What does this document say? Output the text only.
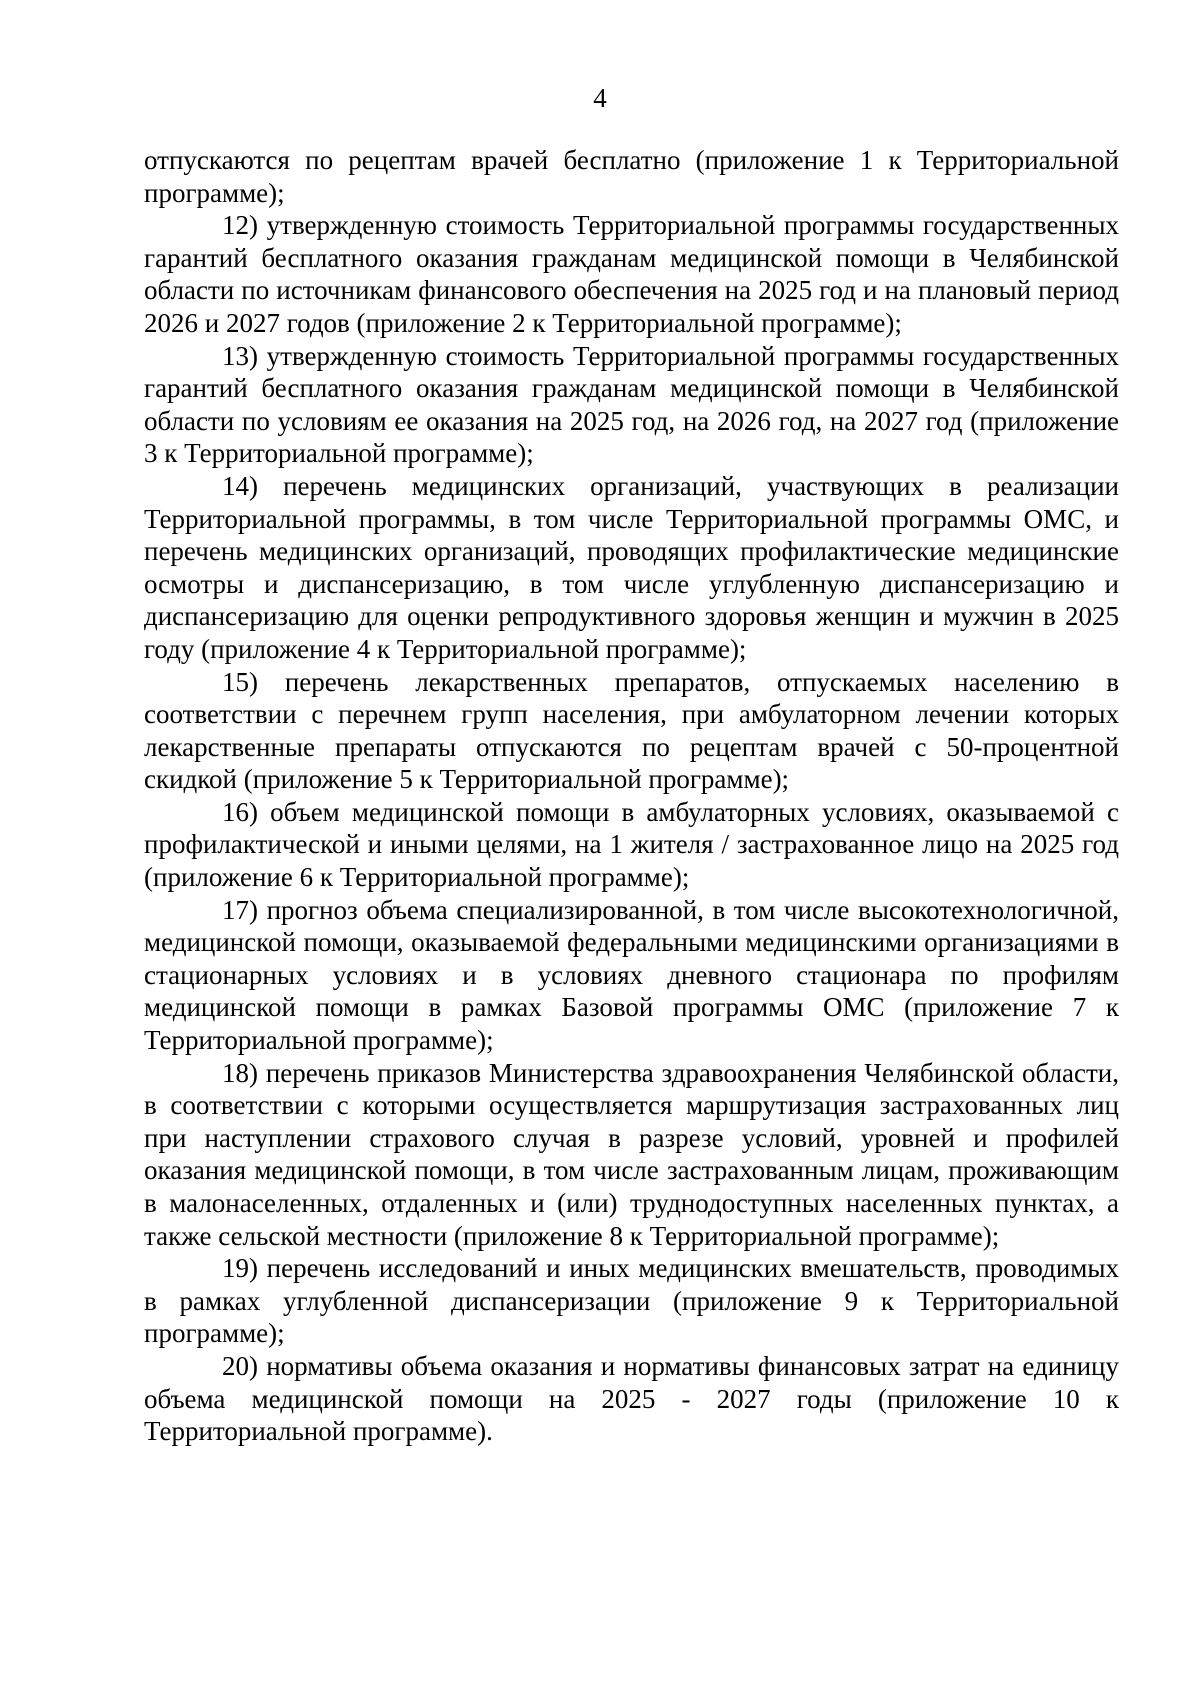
4

отпускаются по рецептам врачей бесплатно (приложение 1 к Территориальной программе);

12) утвержденную стоимость Территориальной программы государственных гарантий бесплатного оказания гражданам медицинской помощи в Челябинской области по источникам финансового обеспечения на 2025 год и на плановый период 2026 и 2027 годов (приложение 2 к Территориальной программе);

13) утвержденную стоимость Территориальной программы государственных гарантий бесплатного оказания гражданам медицинской помощи в Челябинской области по условиям ее оказания на 2025 год, на 2026 год, на 2027 год (приложение 3 к Территориальной программе);

14) перечень медицинских организаций, участвующих в реализации Территориальной программы, в том числе Территориальной программы ОМС, и перечень медицинских организаций, проводящих профилактические медицинские осмотры и диспансеризацию, в том числе углубленную диспансеризацию и диспансеризацию для оценки репродуктивного здоровья женщин и мужчин в 2025 году (приложение 4 к Территориальной программе);

15) перечень лекарственных препаратов, отпускаемых населению в соответствии с перечнем групп населения, при амбулаторном лечении которых лекарственные препараты отпускаются по рецептам врачей с 50-процентной скидкой (приложение 5 к Территориальной программе);

16) объем медицинской помощи в амбулаторных условиях, оказываемой с профилактической и иными целями, на 1 жителя / застрахованное лицо на 2025 год (приложение 6 к Территориальной программе);

17) прогноз объема специализированной, в том числе высокотехнологичной, медицинской помощи, оказываемой федеральными медицинскими организациями в стационарных условиях и в условиях дневного стационара по профилям медицинской помощи в рамках Базовой программы ОМС (приложение 7 к Территориальной программе);

18) перечень приказов Министерства здравоохранения Челябинской области, в соответствии с которыми осуществляется маршрутизация застрахованных лиц при наступлении страхового случая в разрезе условий, уровней и профилей оказания медицинской помощи, в том числе застрахованным лицам, проживающим в малонаселенных, отдаленных и (или) труднодоступных населенных пунктах, а также сельской местности (приложение 8 к Территориальной программе);

19) перечень исследований и иных медицинских вмешательств, проводимых в рамках углубленной диспансеризации (приложение 9 к Территориальной программе);

20) нормативы объема оказания и нормативы финансовых затрат на единицу объема медицинской помощи на 2025 - 2027 годы (приложение 10 к Территориальной программе).
